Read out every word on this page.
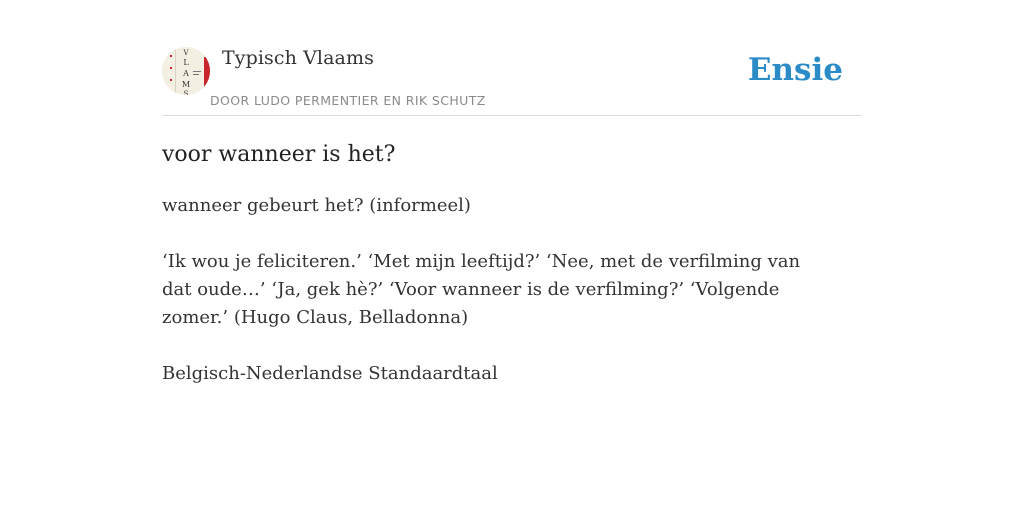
V
L
A
M
S
Typisch Vlaams
DOOR LUDO PERMENTIER EN RIK SCHUTZ
Ensie
voor wanneer is het?

wanneer gebeurt het? (informeel)

‘Ik wou je feliciteren.’ ‘Met mijn leeftijd?’ ‘Nee, met de verfilming van dat oude…’ ‘Ja, gek hè?’ ‘Voor wanneer is de verfilming?’ ‘Volgende zomer.’ (Hugo Claus, Belladonna)

Belgisch-Nederlandse Standaardtaal
